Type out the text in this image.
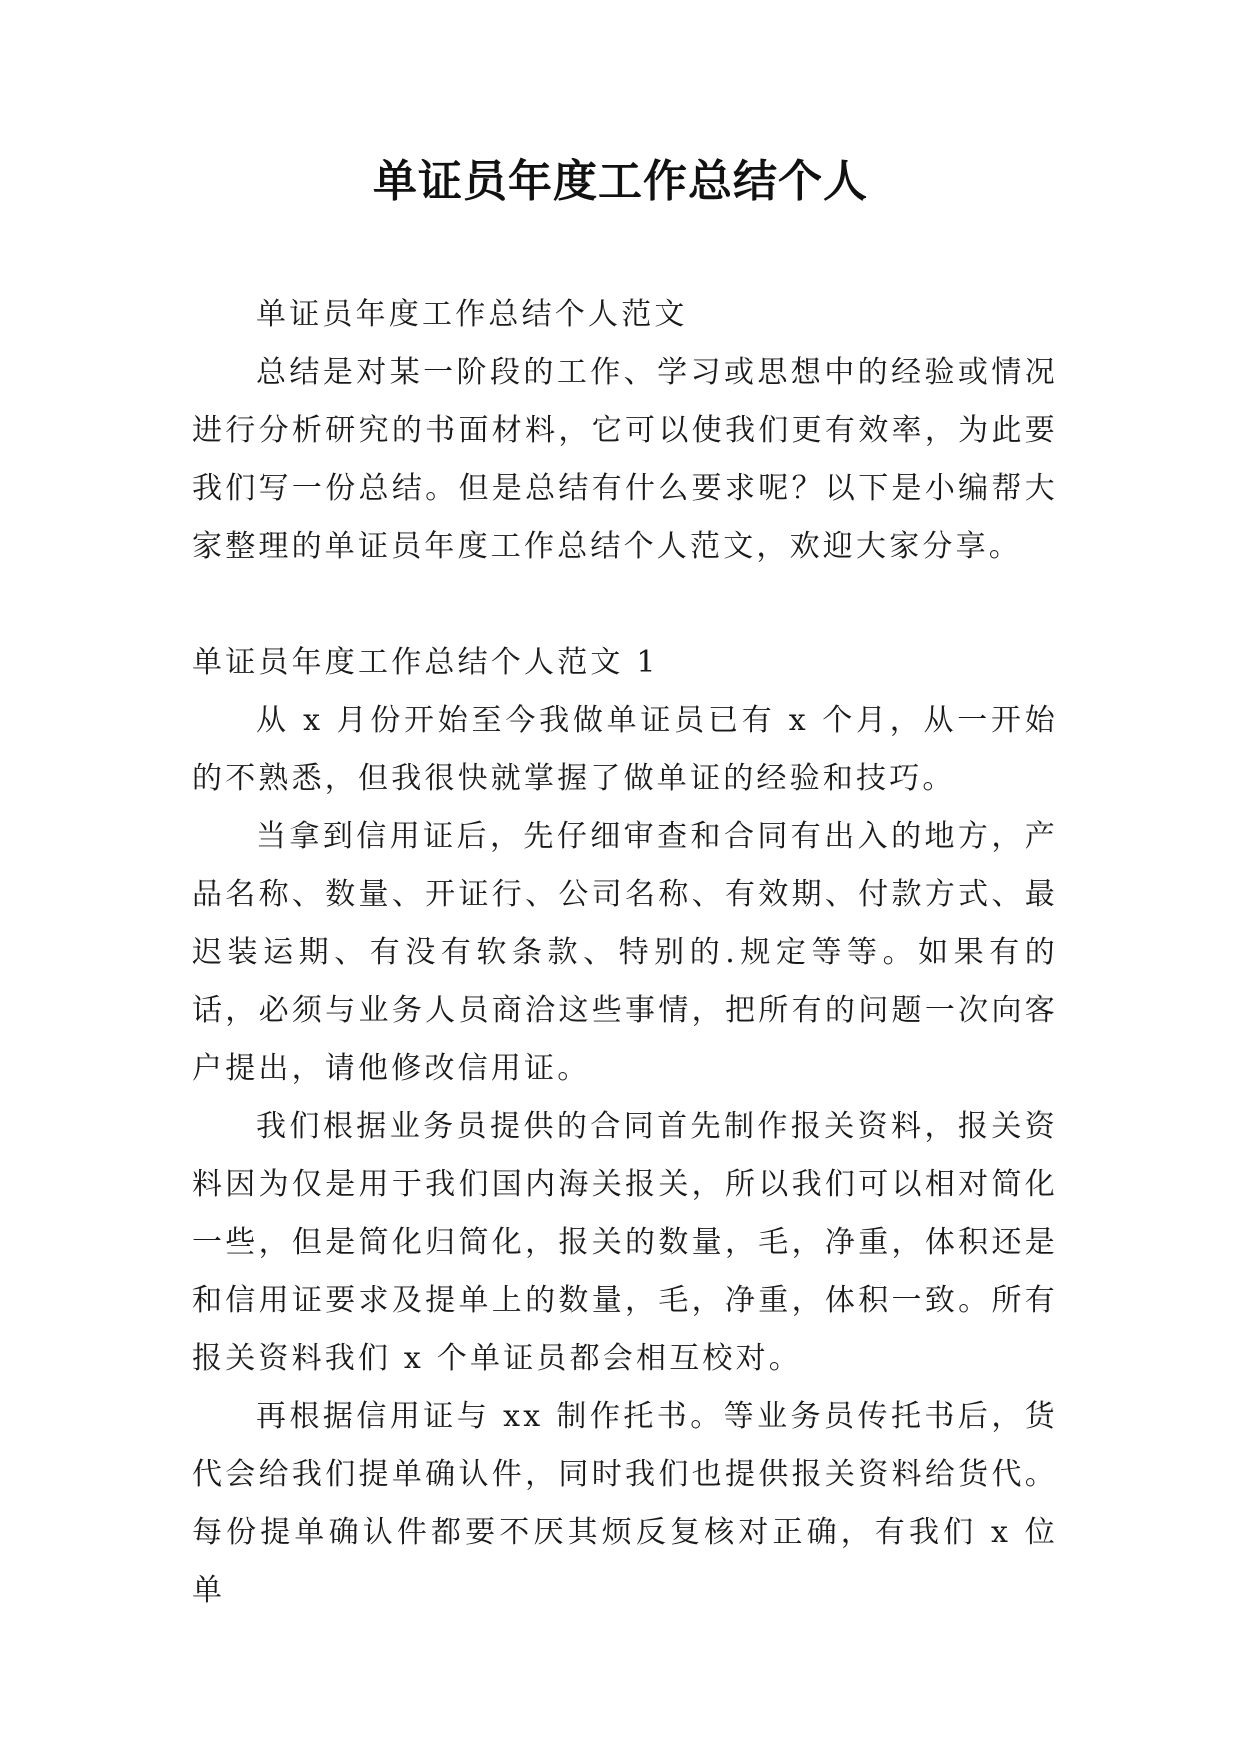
单证员年度工作总结个人

单证员年度工作总结个人范文

总结是对某一阶段的工作、学习或思想中的经验或情况进行分析研究的书面材料，它可以使我们更有效率，为此要我们写一份总结。但是总结有什么要求呢？以下是小编帮大家整理的单证员年度工作总结个人范文，欢迎大家分享。

单证员年度工作总结个人范文 1

从 x 月份开始至今我做单证员已有 x 个月，从一开始的不熟悉，但我很快就掌握了做单证的经验和技巧。

当拿到信用证后，先仔细审查和合同有出入的地方，产品名称、数量、开证行、公司名称、有效期、付款方式、最迟装运期、有没有软条款、特别的.规定等等。如果有的话，必须与业务人员商洽这些事情，把所有的问题一次向客户提出，请他修改信用证。

我们根据业务员提供的合同首先制作报关资料，报关资料因为仅是用于我们国内海关报关，所以我们可以相对简化一些，但是简化归简化，报关的数量，毛，净重，体积还是和信用证要求及提单上的数量，毛，净重，体积一致。所有报关资料我们 x 个单证员都会相互校对。

再根据信用证与 xx 制作托书。等业务员传托书后，货代会给我们提单确认件，同时我们也提供报关资料给货代。每份提单确认件都要不厌其烦反复核对正确，有我们 x 位单
